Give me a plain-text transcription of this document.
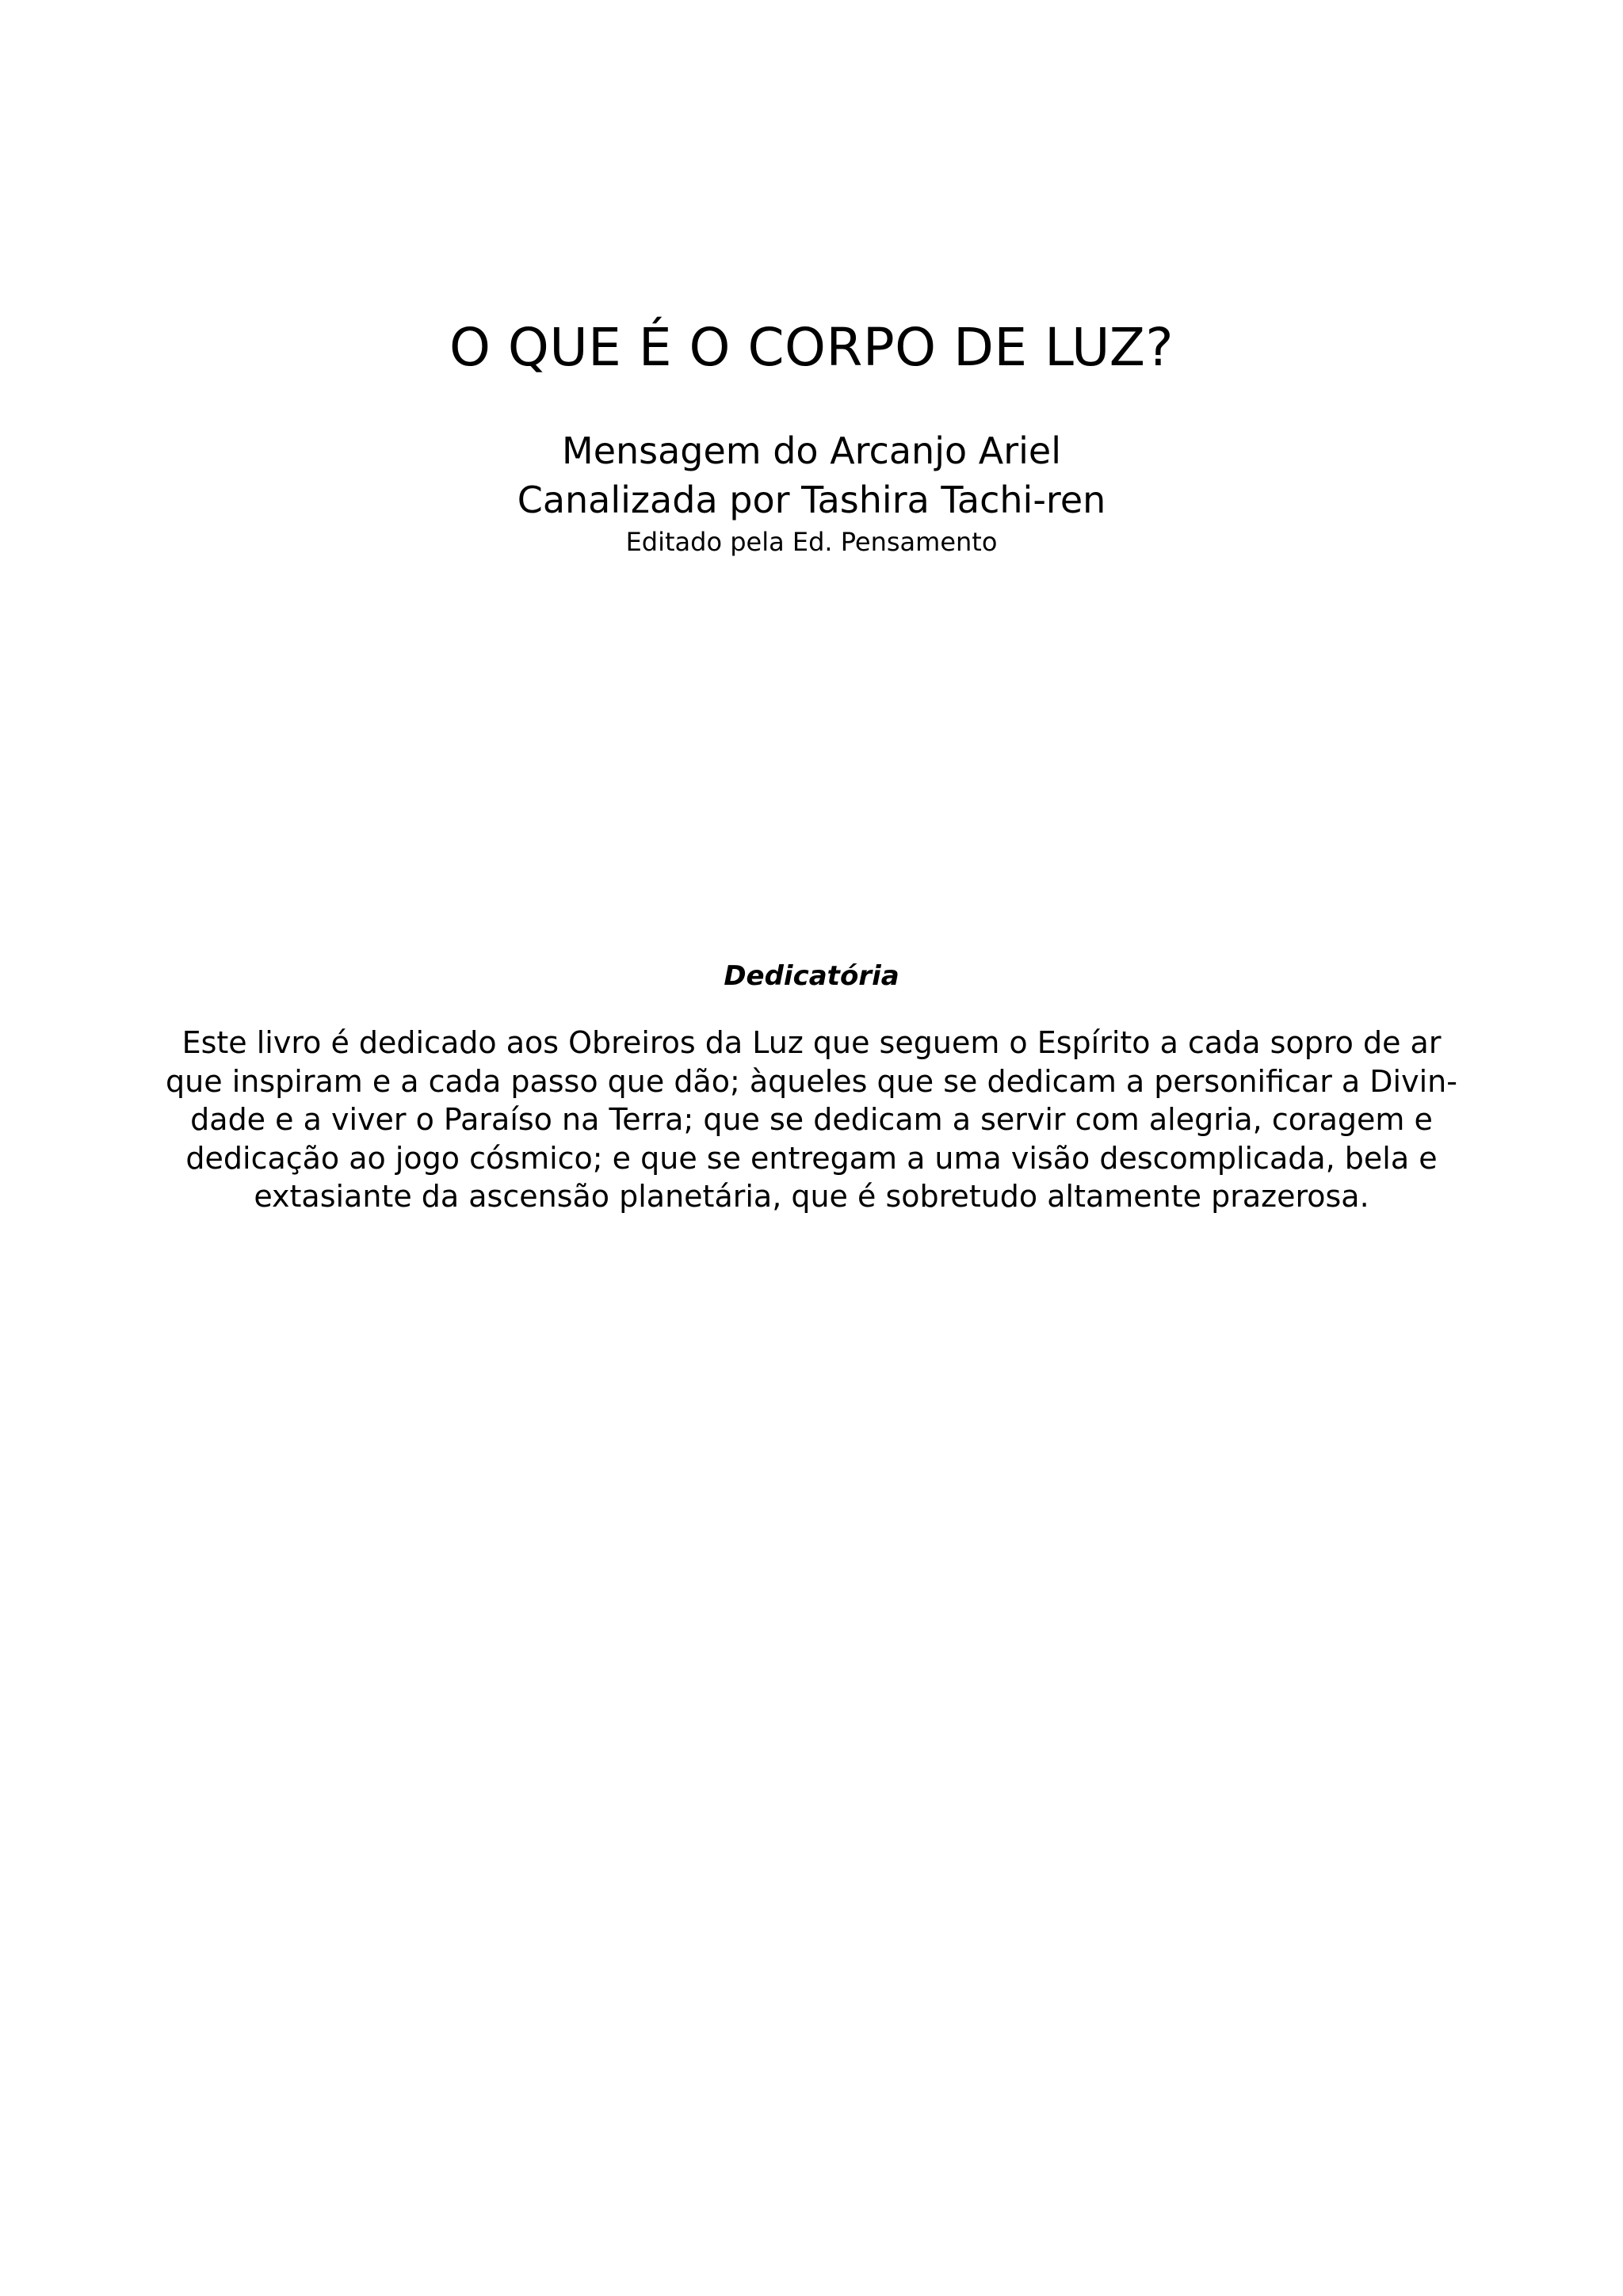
O QUE É O CORPO DE LUZ?
Mensagem do Arcanjo Ariel
Canalizada por Tashira Tachi-ren
Editado pela Ed. Pensamento
Dedicatória

Este livro é dedicado aos Obreiros da Luz que seguem o Espírito a cada sopro de ar
que inspiram e a cada passo que dão; àqueles que se dedicam a personificar a Divin-
dade e a viver o Paraíso na Terra; que se dedicam a servir com alegria, coragem e
dedicação ao jogo cósmico; e que se entregam a uma visão descomplicada, bela e
extasiante da ascensão planetária, que é sobretudo altamente prazerosa.
